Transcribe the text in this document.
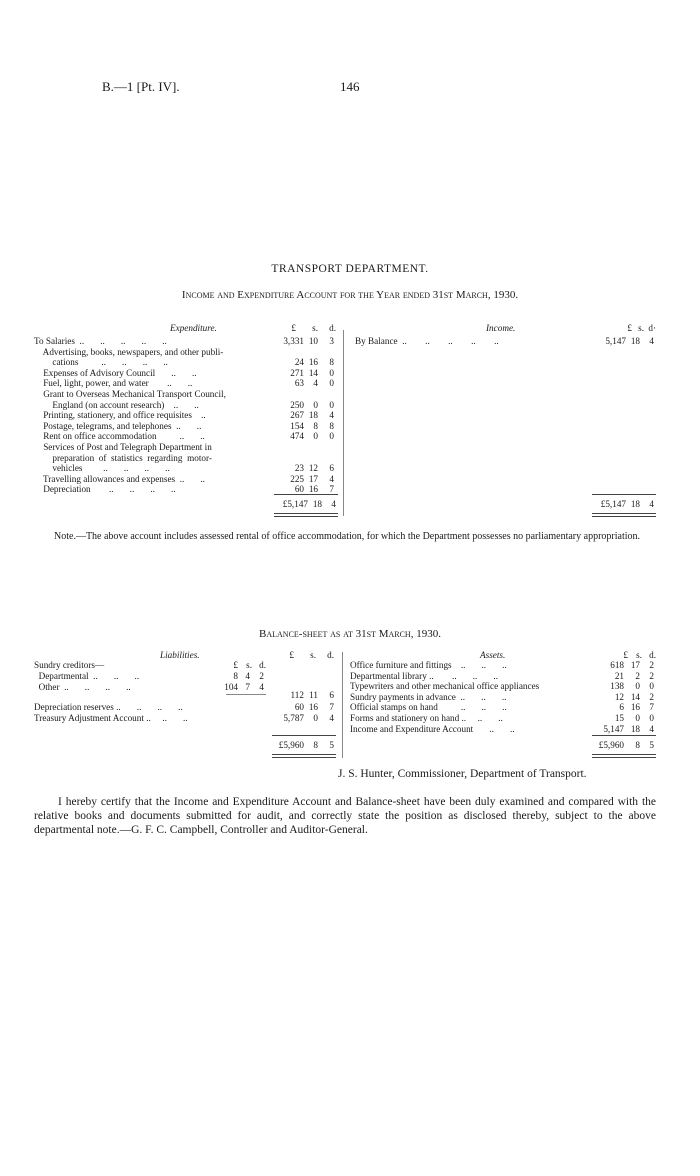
B.—1 [Pt. IV].	146
TRANSPORT DEPARTMENT.
Income and Expenditure Account for the Year ended 31st March, 1930.
Expenditure.	£	s.	d.	Income.	£ s. d·
To Salaries  ..       ..       ..       ..       ..	3,331 10	3
Advertising, books, newspapers, and other publi-
cations          ..       ..       ..       ..	24 16	8
Expenses of Advisory Council       ..       ..	271 14	0
Fuel, light, power, and water        ..       ..	63	4	0
Grant to Overseas Mechanical Transport Council,
England (on account research)    ..       ..	250	0	0
Printing, stationery, and office requisites    ..	267 18	4
Postage, telegrams, and telephones  ..       ..	154	8	8
Rent on office accommodation          ..       ..	474	0	0
Services of Post and Telegraph Department in
preparation  of  statistics  regarding  motor-
vehicles         ..       ..       ..       ..	23 12	6
Travelling allowances and expenses  ..       ..	225 17	4
Depreciation        ..       ..       ..       ..	60 16	7
By Balance  ..        ..        ..        ..        ..	5,147 18	4
£5,147 18	4	£5,147 18	4
Note.—The above account includes assessed rental of office accommodation, for which the Department possesses no parliamentary appropriation.
Balance-sheet as at 31st March, 1930.
Liabilities.
£ s. d.
£	s.	d.	Assets.	£ s. d.
Sundry creditors—
Departmental  ..       ..       ..	8 4	2
Other  ..       ..       ..       ..	104 7	4
112 11	6
Depreciation reserves ..       ..       ..       ..	60 16	7
Treasury Adjustment Account ..     ..       ..	5,787	0	4
£5,960	8	5
Office furniture and fittings    ..       ..       ..	618 17	2
Departmental library ..        ..       ..       ..	21	2	2
Typewriters and other mechanical office appliances	138	0	0
Sundry payments in advance  ..       ..       ..	12 14	2
Official stamps on hand          ..       ..       ..	6 16	7
Forms and stationery on hand ..     ..       ..	15	0	0
Income and Expenditure Account       ..       ..	5,147 18	4
£5,960	8	5
J. S. Hunter, Commissioner, Department of Transport.
I hereby certify that the Income and Expenditure Account and Balance-sheet have been duly examined and compared with the relative books and documents submitted for audit, and correctly state the position as disclosed thereby, subject to the above departmental note.—G. F. C. Campbell, Controller and Auditor-General.
